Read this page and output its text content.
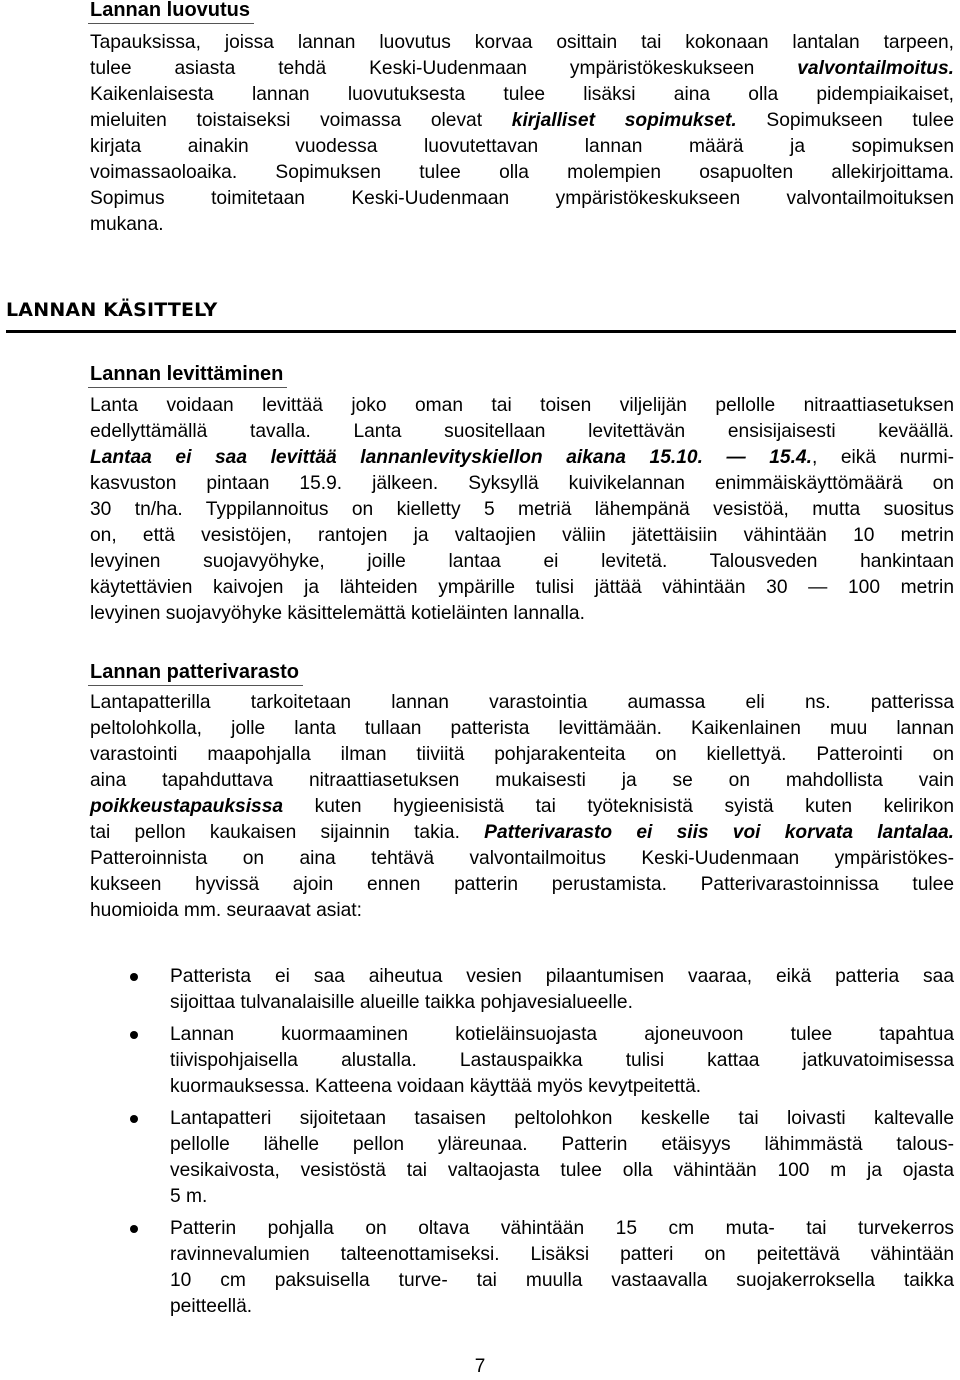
Lannan luovutus
Tapauksissa, joissa lannan luovutus korvaa osittain tai kokonaan lantalan tarpeen,
tulee asiasta tehdä Keski-Uudenmaan ympäristökeskukseen valvontailmoitus.
Kaikenlaisesta lannan luovutuksesta tulee lisäksi aina olla pidempiaikaiset,
mieluiten toistaiseksi voimassa olevat kirjalliset sopimukset. Sopimukseen tulee
kirjata ainakin vuodessa luovutettavan lannan määrä ja sopimuksen
voimassaoloaika. Sopimuksen tulee olla molempien osapuolten allekirjoittama.
Sopimus toimitetaan Keski-Uudenmaan ympäristökeskukseen valvontailmoituksen
mukana.
LANNAN KÄSITTELY
Lannan levittäminen
Lanta voidaan levittää joko oman tai toisen viljelijän pellolle nitraattiasetuksen
edellyttämällä tavalla. Lanta suositellaan levitettävän ensisijaisesti keväällä.
Lantaa ei saa levittää lannanlevityskiellon aikana 15.10. — 15.4., eikä nurmi-
kasvuston pintaan 15.9. jälkeen. Syksyllä kuivikelannan enimmäiskäyttömäärä on
30 tn/ha. Typpilannoitus on kielletty 5 metriä lähempänä vesistöä, mutta suositus
on, että vesistöjen, rantojen ja valtaojien väliin jätettäisiin vähintään 10 metrin
levyinen suojavyöhyke, joille lantaa ei levitetä. Talousveden hankintaan
käytettävien kaivojen ja lähteiden ympärille tulisi jättää vähintään 30 — 100 metrin
levyinen suojavyöhyke käsittelemättä kotieläinten lannalla.
Lannan patterivarasto
Lantapatterilla tarkoitetaan lannan varastointia aumassa eli ns. patterissa
peltolohkolla, jolle lanta tullaan patterista levittämään. Kaikenlainen muu lannan
varastointi maapohjalla ilman tiiviitä pohjarakenteita on kiellettyä. Patterointi on
aina tapahduttava nitraattiasetuksen mukaisesti ja se on mahdollista vain
poikkeustapauksissa kuten hygieenisistä tai työteknisistä syistä kuten kelirikon
tai pellon kaukaisen sijainnin takia. Patterivarasto ei siis voi korvata lantalaa.
Patteroinnista on aina tehtävä valvontailmoitus Keski-Uudenmaan ympäristökes-
kukseen hyvissä ajoin ennen patterin perustamista. Patterivarastoinnissa tulee
huomioida mm. seuraavat asiat:
Patterista ei saa aiheutua vesien pilaantumisen vaaraa, eikä patteria saa
sijoittaa tulvanalaisille alueille taikka pohjavesialueelle.
Lannan kuormaaminen kotieläinsuojasta ajoneuvoon tulee tapahtua
tiivispohjaisella alustalla. Lastauspaikka tulisi kattaa jatkuvatoimisessa
kuormauksessa. Katteena voidaan käyttää myös kevytpeitettä.
Lantapatteri sijoitetaan tasaisen peltolohkon keskelle tai loivasti kaltevalle
pellolle lähelle pellon yläreunaa. Patterin etäisyys lähimmästä talous-
vesikaivosta, vesistöstä tai valtaojasta tulee olla vähintään 100 m ja ojasta
5 m.
Patterin pohjalla on oltava vähintään 15 cm muta- tai turvekerros
ravinnevalumien talteenottamiseksi. Lisäksi patteri on peitettävä vähintään
10 cm paksuisella turve- tai muulla vastaavalla suojakerroksella taikka
peitteellä.
7
